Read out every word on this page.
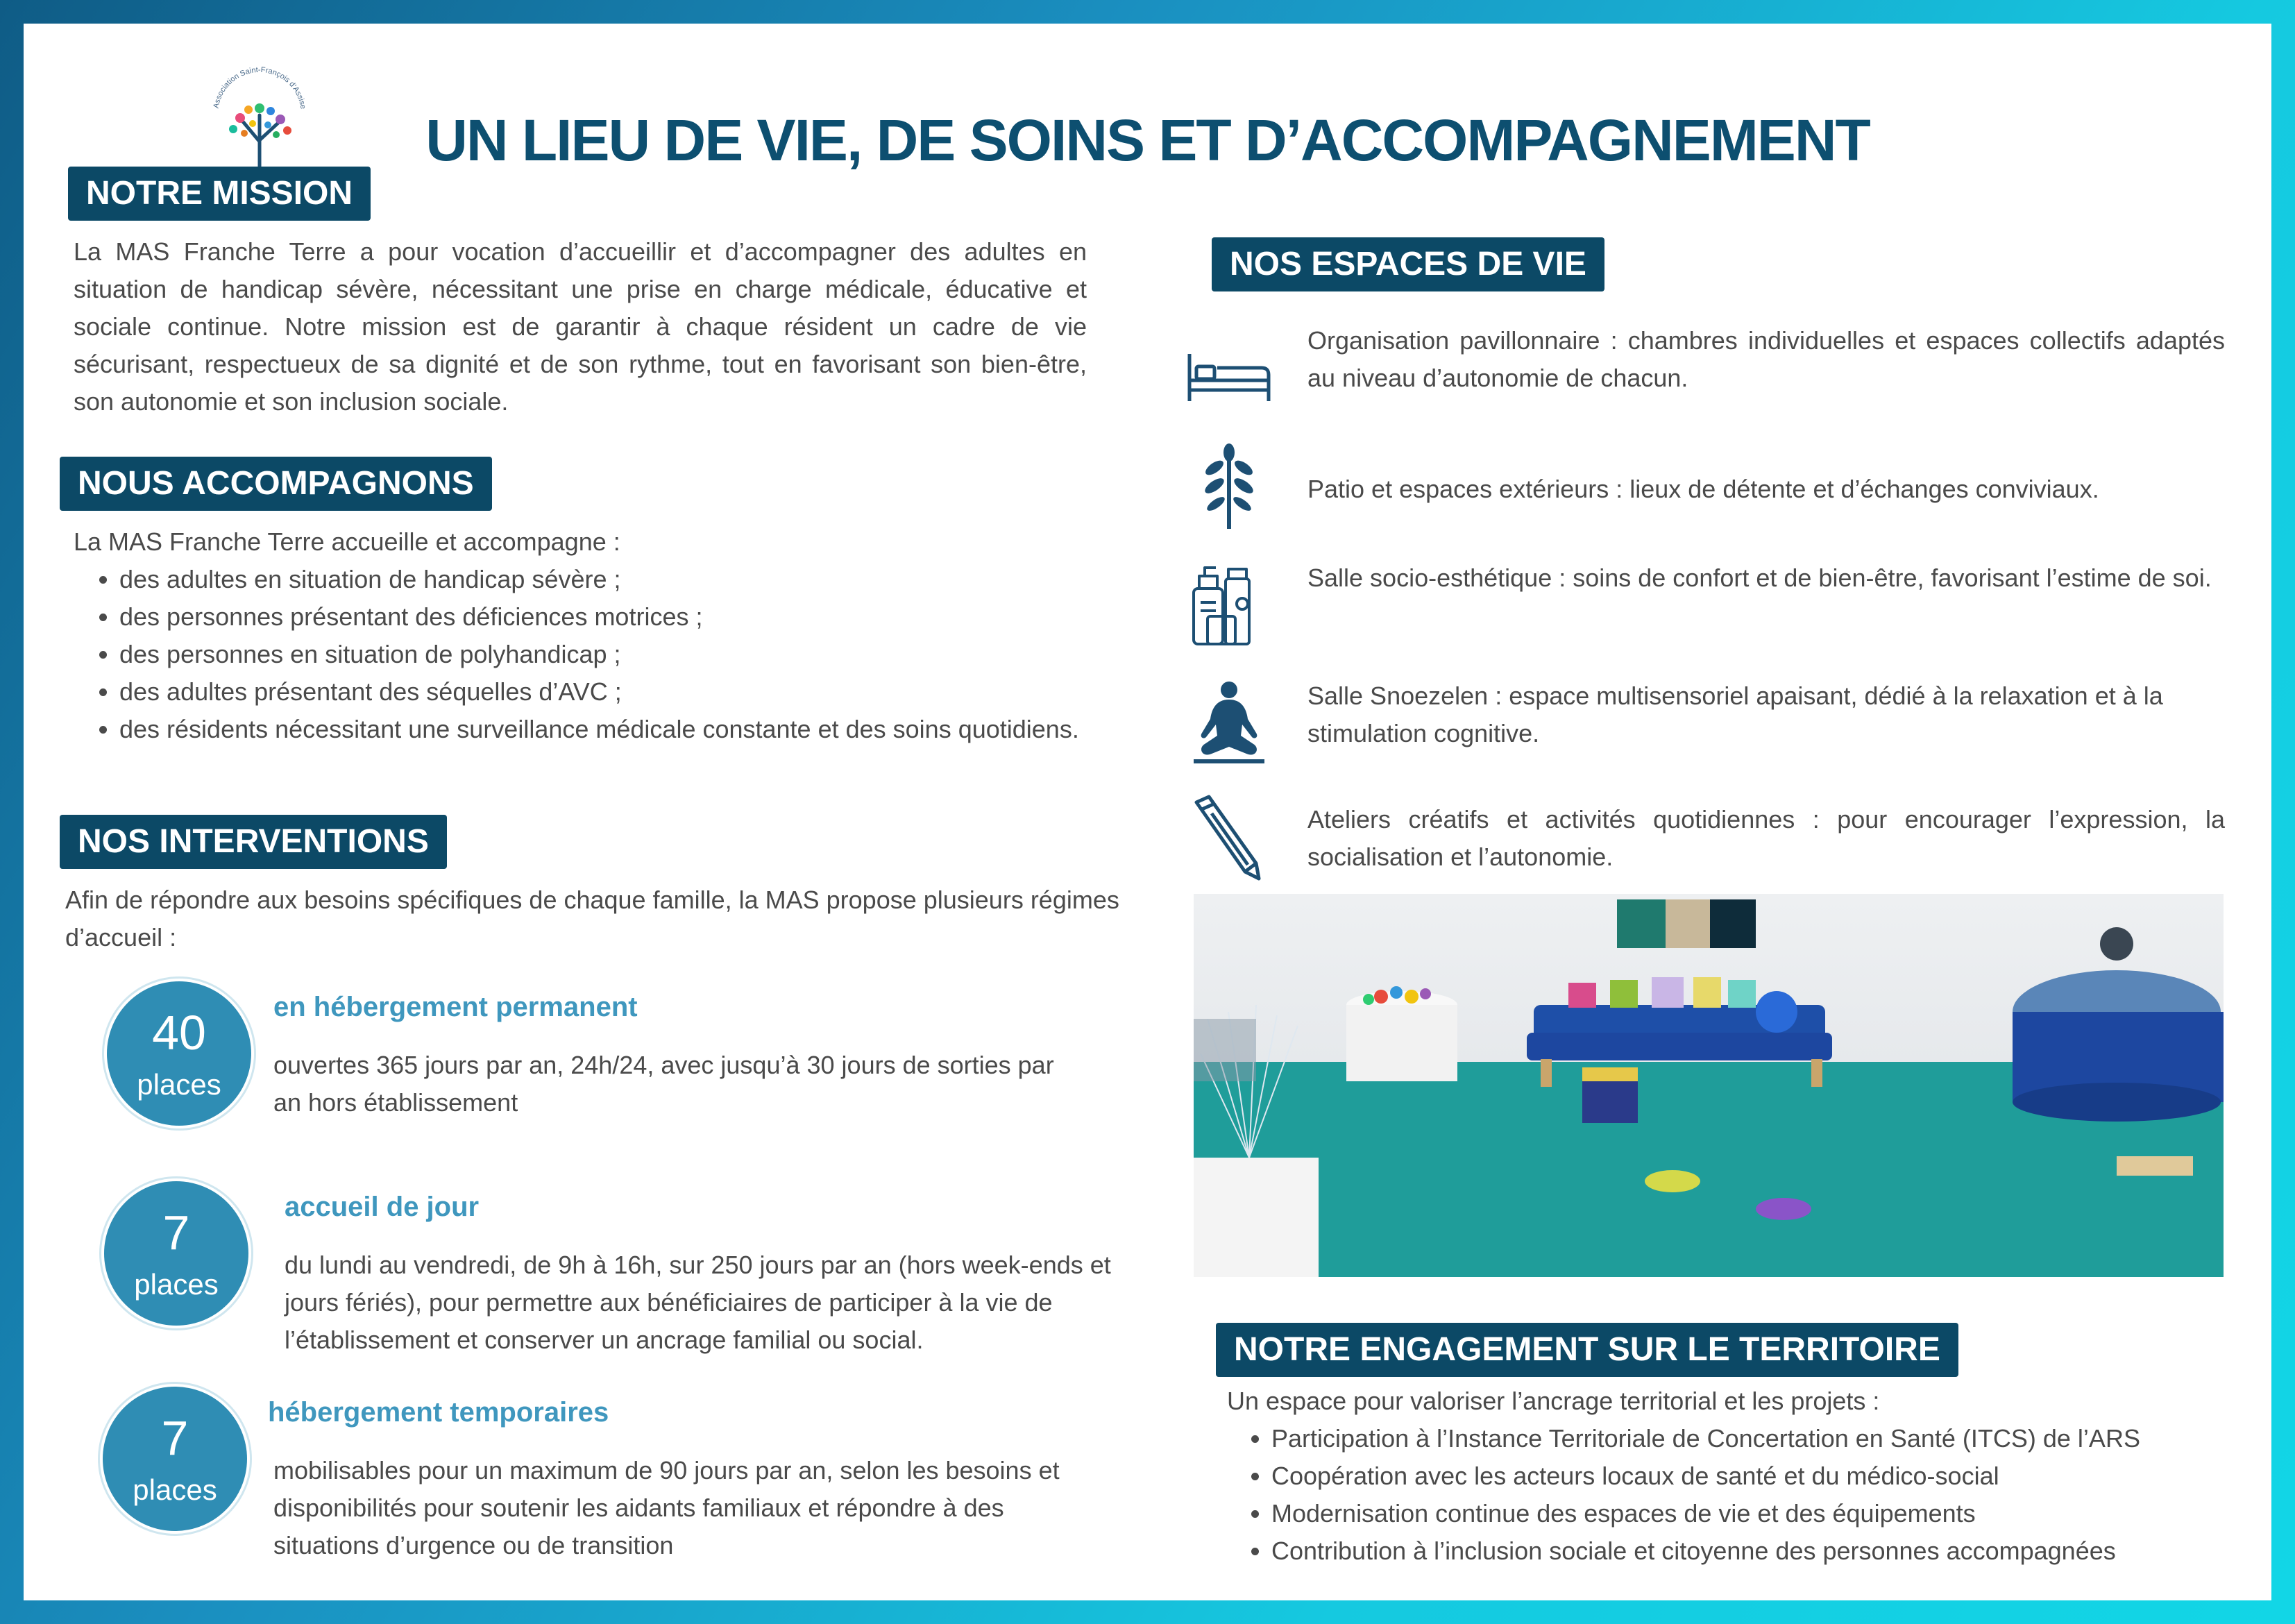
Association Saint-François d'Assise
UN LIEU DE VIE, DE SOINS ET D’ACCOMPAGNEMENT
NOTRE MISSION
La MAS Franche Terre a pour vocation d’accueillir et d’accompagner des adultes en situation de handicap sévère, nécessitant une prise en charge médicale, éducative et sociale continue. Notre mission est de garantir à chaque résident un cadre de vie sécurisant, respectueux de sa dignité et de son rythme, tout en favorisant son bien-être, son autonomie et son inclusion sociale.
NOUS ACCOMPAGNONS
La MAS Franche Terre accueille et accompagne :
• des adultes en situation de handicap sévère ;
• des personnes présentant des déficiences motrices ;
• des personnes en situation de polyhandicap ;
• des adultes présentant des séquelles d’AVC ;
• des résidents nécessitant une surveillance médicale constante et des soins quotidiens.
NOS INTERVENTIONS
Afin de répondre aux besoins spécifiques de chaque famille, la MAS propose plusieurs régimes d’accueil :
40
places
en hébergement permanent
ouvertes 365 jours par an, 24h/24, avec jusqu’à 30 jours de sorties par an hors établissement
7
places
accueil de jour
du lundi au vendredi, de 9h à 16h, sur 250 jours par an (hors week-ends et jours fériés), pour permettre aux bénéficiaires de participer à la vie de l’établissement et conserver un ancrage familial ou social.
7
places
hébergement temporaires
mobilisables pour un maximum de 90 jours par an, selon les besoins et disponibilités pour soutenir les aidants familiaux et répondre à des situations d’urgence ou de transition
NOS ESPACES DE VIE
Organisation pavillonnaire : chambres individuelles et espaces collectifs adaptés au niveau d’autonomie de chacun.
Patio et espaces extérieurs : lieux de détente et d’échanges conviviaux.
Salle socio-esthétique : soins de confort et de bien-être, favorisant l’estime de soi.
Salle Snoezelen : espace multisensoriel apaisant, dédié à la relaxation et à la stimulation cognitive.
Ateliers créatifs et activités quotidiennes : pour encourager l’expression, la socialisation et l’autonomie.
NOTRE ENGAGEMENT SUR LE TERRITOIRE
Un espace pour valoriser l’ancrage territorial et les projets :
• Participation à l’Instance Territoriale de Concertation en Santé (ITCS) de l’ARS
• Coopération avec les acteurs locaux de santé et du médico-social
• Modernisation continue des espaces de vie et des équipements
• Contribution à l’inclusion sociale et citoyenne des personnes accompagnées
